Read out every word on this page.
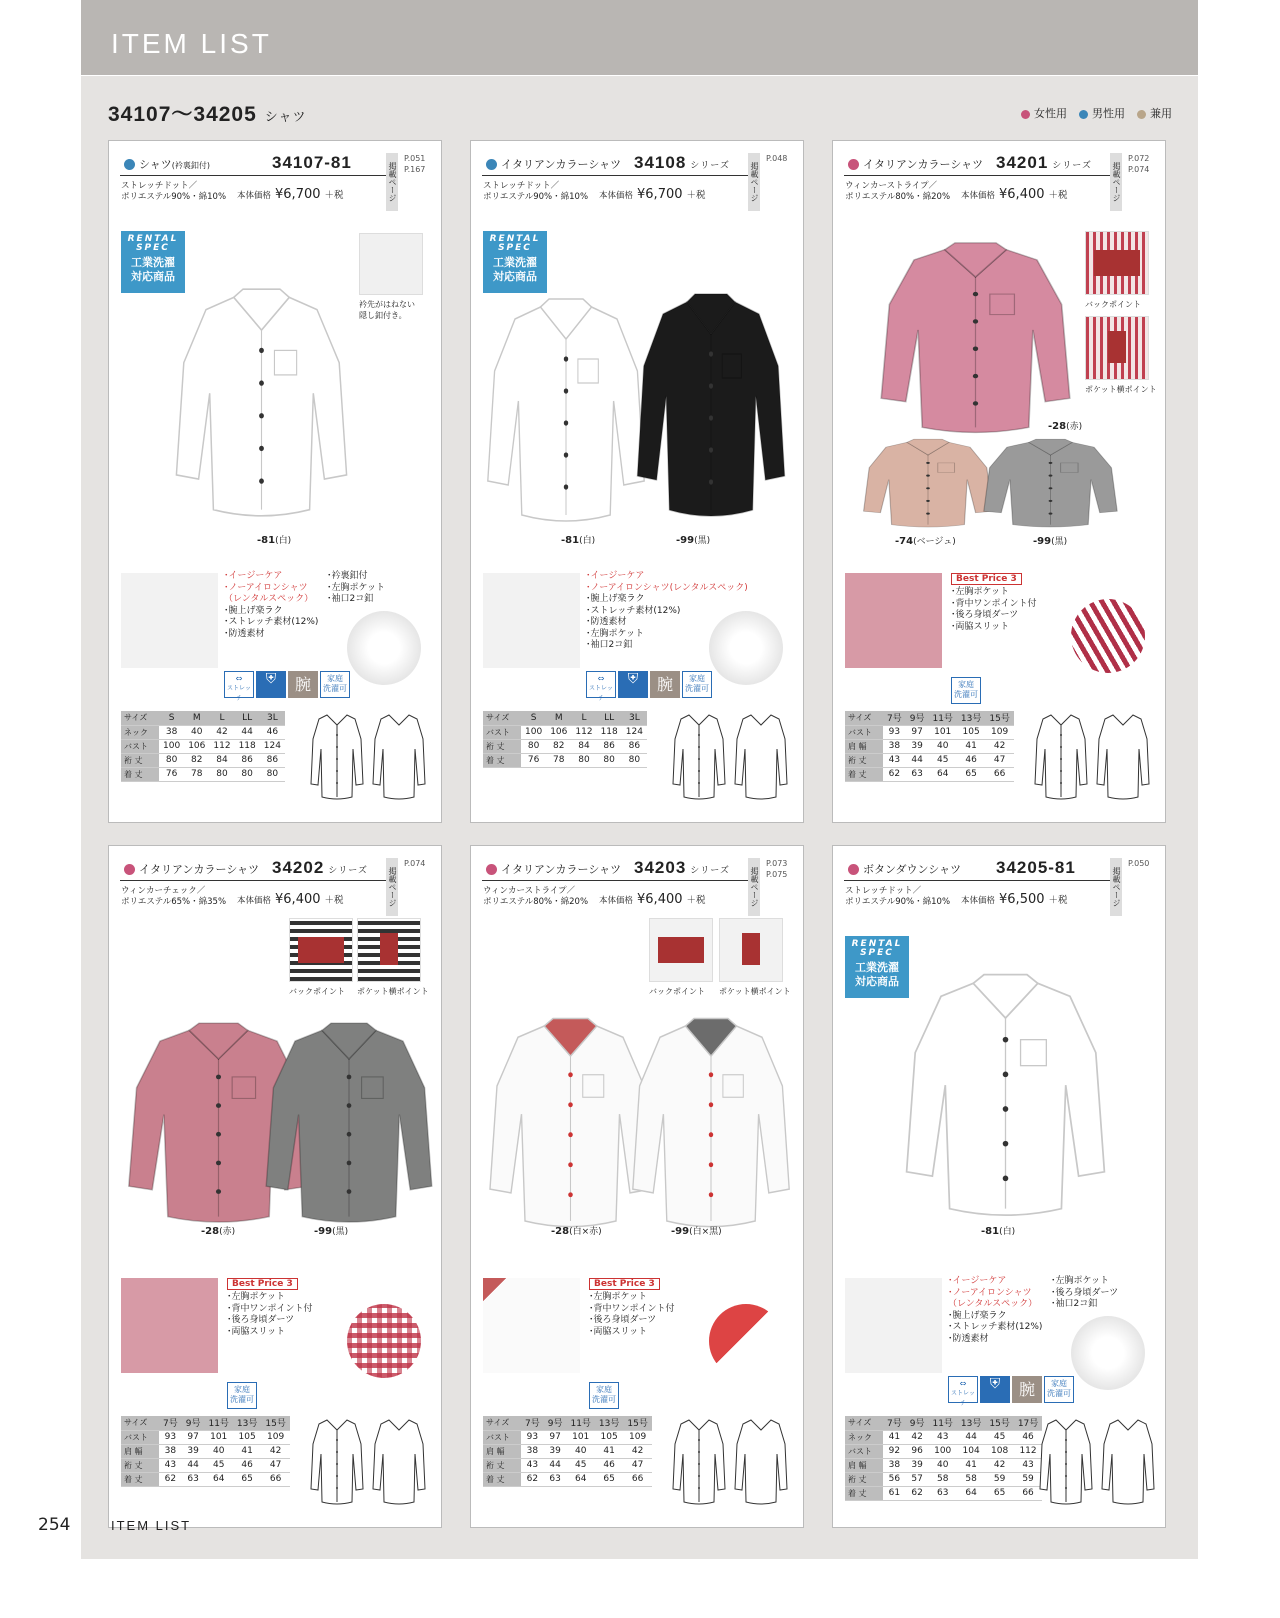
ITEM LIST
34107～34205 シャツ	女性用	男性用	兼用
シャツ(衿裏釦付)	34107-81	掲載ページ
P.051
P.167
ストレッチドット／
ポリエステル90%・綿10% 本体価格 ¥6,700 ＋税
RENTAL
SPEC
工業洗濯
対応商品
-81(白)
衿先がはねない
隠し釦付き。
･イージーケア
･ノーアイロンシャツ
（レンタルスペック）
･腕上げ楽ラク
･ストレッチ素材(12%)
･防透素材
･衿裏釦付
･左胸ポケット
･袖口2コ釦
⇔
ストレッチ
⛨	腕	家庭
洗濯可
サイズ	S	M	L	LL	3L
ネック	38	40	42	44	46
バスト	100	106	112	118	124
裄 丈	80	82	84	86	86
着 丈	76	78	80	80	80
イタリアンカラーシャツ 34108 シリーズ	掲載ページ
P.048
ストレッチドット／
ポリエステル90%・綿10% 本体価格 ¥6,700 ＋税
RENTAL
SPEC
工業洗濯
対応商品
-81(白)	-99(黒)
･イージーケア
･ノーアイロンシャツ(レンタルスペック)
･腕上げ楽ラク
･ストレッチ素材(12%)
･防透素材
･左胸ポケット
･袖口2コ釦
⇔
ストレッチ
⛨	腕	家庭
洗濯可
サイズ	S	M	L	LL	3L
バスト	100	106	112	118	124
裄 丈	80	82	84	86	86
着 丈	76	78	80	80	80
イタリアンカラーシャツ 34201 シリーズ	掲載ページ
P.072
P.074
ウィンカーストライプ／
ポリエステル80%・綿20% 本体価格 ¥6,400 ＋税
-28(赤)
-74(ベージュ)	-99(黒)
バックポイント
ポケット横ポイント
Best Price 3
･左胸ポケット
･背中ワンポイント付
･後ろ身頃ダーツ
･両脇スリット
家庭
洗濯可
サイズ	7号	9号	11号	13号	15号
バスト	93	97	101	105	109
肩 幅	38	39	40	41	42
裄 丈	43	44	45	46	47
着 丈	62	63	64	65	66
イタリアンカラーシャツ 34202 シリーズ	掲載ページ
P.074
ウィンカーチェック／
ポリエステル65%・綿35% 本体価格 ¥6,400 ＋税
-28(赤)	-99(黒)
バックポイント ポケット横ポイント
Best Price 3
･左胸ポケット
･背中ワンポイント付
･後ろ身頃ダーツ
･両脇スリット
家庭
洗濯可
サイズ	7号	9号	11号	13号	15号
バスト	93	97	101	105	109
肩 幅	38	39	40	41	42
裄 丈	43	44	45	46	47
着 丈	62	63	64	65	66
イタリアンカラーシャツ 34203 シリーズ	掲載ページ
P.073
P.075
ウィンカーストライプ／
ポリエステル80%・綿20% 本体価格 ¥6,400 ＋税
-28(白×赤)	-99(白×黒)
バックポイント ポケット横ポイント
Best Price 3
･左胸ポケット
･背中ワンポイント付
･後ろ身頃ダーツ
･両脇スリット
家庭
洗濯可
サイズ	7号	9号	11号	13号	15号
バスト	93	97	101	105	109
肩 幅	38	39	40	41	42
裄 丈	43	44	45	46	47
着 丈	62	63	64	65	66
ボタンダウンシャツ 34205-81	掲載ページ
P.050
ストレッチドット／
ポリエステル90%・綿10% 本体価格 ¥6,500 ＋税
RENTAL
SPEC
工業洗濯
対応商品
-81(白)
･イージーケア
･ノーアイロンシャツ
（レンタルスペック）
･腕上げ楽ラク
･ストレッチ素材(12%)
･防透素材
･左胸ポケット
･後ろ身頃ダーツ
･袖口2コ釦
⇔
ストレッチ
⛨	腕	家庭
洗濯可
サイズ	7号	9号	11号	13号	15号	17号
ネック	41	42	43	44	45	46
バスト	92	96	100	104	108	112
肩 幅	38	39	40	41	42	43
裄 丈	56	57	58	58	59	59
着 丈	61	62	63	64	65	66
254	ITEM LIST
